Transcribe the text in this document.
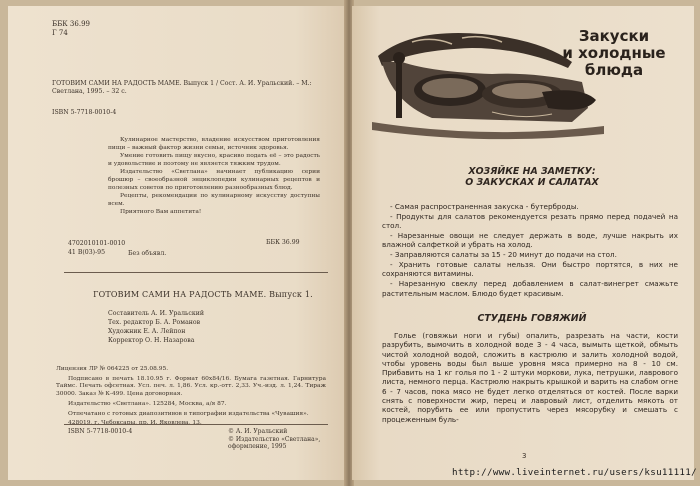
ББК 36.99
Г 74
ГОТОВИМ САМИ НА РАДОСТЬ МАМЕ. Выпуск 1 / Сост. А. И. Уральский. – М.: Светлана, 1995. – 32 с.
ISBN 5-7718-0010-4

Кулинарное мастерство, владение искусством приготовления пищи – важный фактор жизни семьи, источник здоровья.

Умение готовить пищу вкусно, красиво подать её – это радость и удовольствие и поэтому не является тяжким трудом.

Издательство «Светлана» начинает публикацию серии брошюр – своеобразной энциклопедии кулинарных рецептов и полезных советов по приготовлению разнообразных блюд.

Рецепты, рекомендации по кулинарному искусству доступны всем.

Приятного Вам аппетита!

4702010101-0010
41 В(03)-95	Без объявл.
ББК 36.99
ГОТОВИМ САМИ НА РАДОСТЬ МАМЕ. Выпуск 1.
Составитель А. И. Уральский
Тех. редактор Б. А. Романов
Художник Е. А. Лейпон
Корректор О. Н. Назарова

Лицензия ЛР № 064225 от 25.08.95.

Подписано в печать 18.10.95 г. Формат 60х84/16. Бумага газетная. Гарнитура Таймс. Печать офсетная. Усл. печ. л. 1,86. Усл. кр.-отт. 2,33. Уч.-изд. л. 1,24. Тираж 30000. Заказ № К-499. Цена договорная.

Издательство «Светлана». 125284, Москва, а/я 87.

Отпечатано с готовых диапозитивов в типографии издательства «Чувашия».

428019, г. Чебоксары, пр. И. Яковлева, 13.

ISBN 5-7718-0010-4
©	А. И. Уральский
© Издательство «Светлана», оформление, 1995
Закуски
и холодные
блюда
ХОЗЯЙКЕ НА ЗАМЕТКУ:
О ЗАКУСКАХ И САЛАТАХ
- Самая распространенная закуска - бутерброды.
- Продукты для салатов рекомендуется резать прямо перед подачей на стол.
- Нарезанные овощи не следует держать в воде, лучше накрыть их влажной салфеткой и убрать на холод.
- Заправляются салаты за 15 - 20 минут до подачи на стол.
- Хранить готовые салаты нельзя. Они быстро портятся, в них не сохраняются витамины.
- Нарезанную свеклу перед добавлением в салат-винегрет смажьте растительным маслом. Блюдо будет красивым.
СТУДЕНЬ ГОВЯЖИЙ

Голье (говяжьи ноги и губы) опалить, разрезать на части, кости разрубить, вымочить в холодной воде 3 - 4 часа, вымыть щеткой, обмыть чистой холодной водой, сложить в кастрюлю и залить холодной водой, чтобы уровень воды был выше уровня мяса примерно на 8 - 10 см. Прибавить на 1 кг голья по 1 - 2 штуки моркови, лука, петрушки, лаврового листа, немного перца. Кастрюлю накрыть крышкой и варить на слабом огне 6 - 7 часов, пока мясо не будет легко отделяться от костей. После варки снять с поверхности жир, перец и лавровый лист, отделить мякоть от костей, порубить ее или пропустить через мясорубку и смешать с процеженным буль-

3
http://www.liveinternet.ru/users/ksu11111/
